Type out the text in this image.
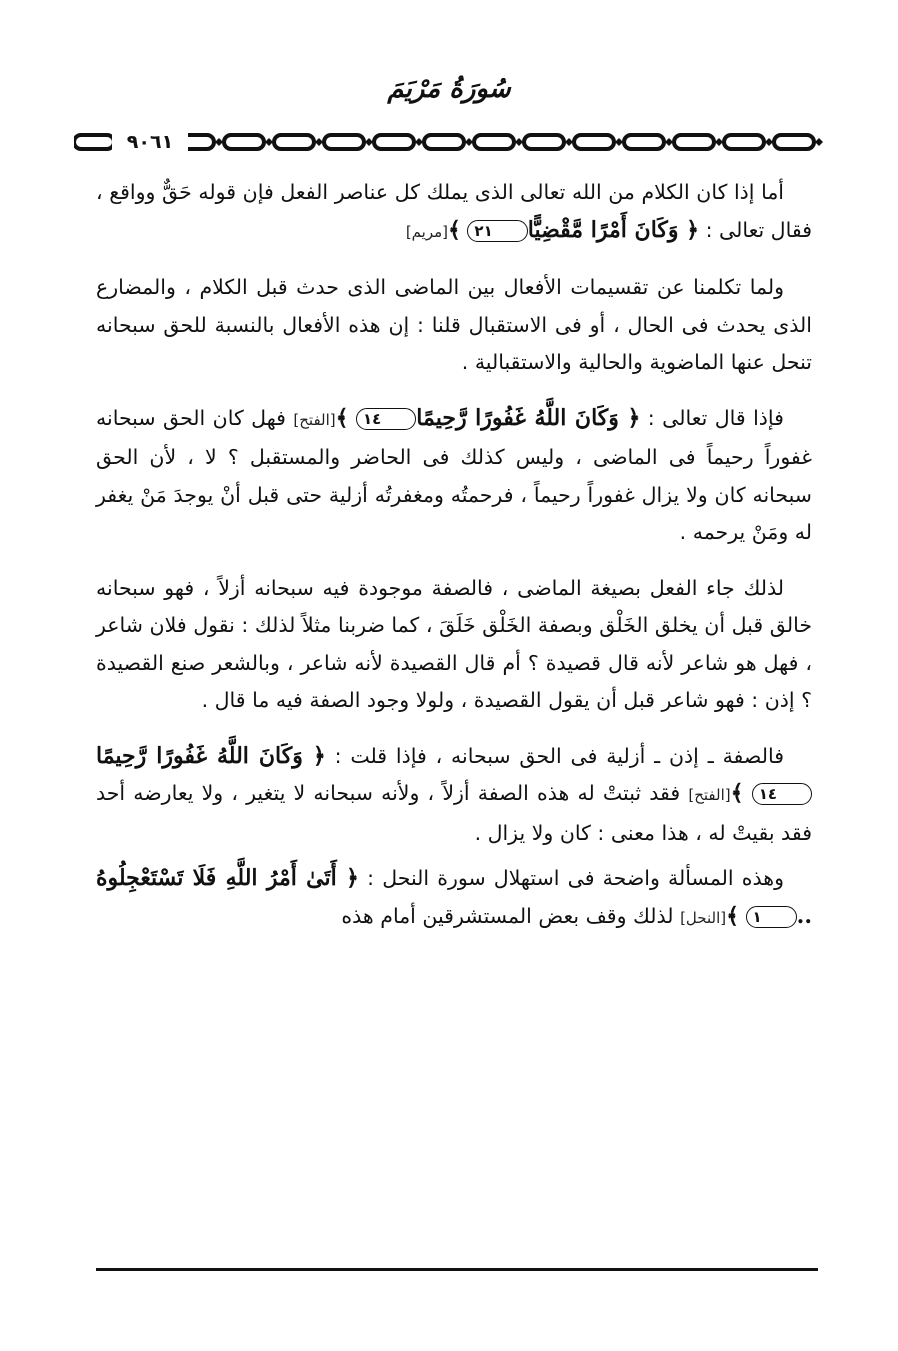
سُورَةُ مَرْيَمَ
٩٠٦١

أما إذا كان الكلام من الله تعالى الذى يملك كل عناصر الفعل فإن قوله حَقٌّ وواقع ، فقال تعالى : ﴿ وَكَانَ أَمْرًا مَّقْضِيًّا٢١ ﴾[مريم]

ولما تكلمنا عن تقسيمات الأفعال بين الماضى الذى حدث قبل الكلام ، والمضارع الذى يحدث فى الحال ، أو فى الاستقبال قلنا : إن هذه الأفعال بالنسبة للحق سبحانه تنحل عنها الماضوية والحالية والاستقبالية .

فإذا قال تعالى : ﴿ وَكَانَ اللَّهُ غَفُورًا رَّحِيمًا١٤ ﴾[الفتح] فهل كان الحق سبحانه غفوراً رحيماً فى الماضى ، وليس كذلك فى الحاضر والمستقبل ؟ لا ، لأن الحق سبحانه كان ولا يزال غفوراً رحيماً ، فرحمتُه ومغفرتُه أزلية حتى قبل أنْ يوجدَ مَنْ يغفر له ومَنْ يرحمه .

لذلك جاء الفعل بصيغة الماضى ، فالصفة موجودة فيه سبحانه أزلاً ، فهو سبحانه خالق قبل أن يخلق الخَلْق وبصفة الخَلْق خَلَقَ ، كما ضربنا مثلاً لذلك : نقول فلان شاعر ، فهل هو شاعر لأنه قال قصيدة ؟ أم قال القصيدة لأنه شاعر ، وبالشعر صنع القصيدة ؟ إذن : فهو شاعر قبل أن يقول القصيدة ، ولولا وجود الصفة فيه ما قال .

فالصفة ـ إذن ـ أزلية فى الحق سبحانه ، فإذا قلت : ﴿ وَكَانَ اللَّهُ غَفُورًا رَّحِيمًا١٤ ﴾[الفتح] فقد ثبتتْ له هذه الصفة أزلاً ، ولأنه سبحانه لا يتغير ، ولا يعارضه أحد فقد بقيتْ له ، هذا معنى : كان ولا يزال .

وهذه المسألة واضحة فى استهلال سورة النحل : ﴿ أَتَىٰ أَمْرُ اللَّهِ فَلَا تَسْتَعْجِلُوهُ ..١ ﴾[النحل] لذلك وقف بعض المستشرقين أمام هذه
